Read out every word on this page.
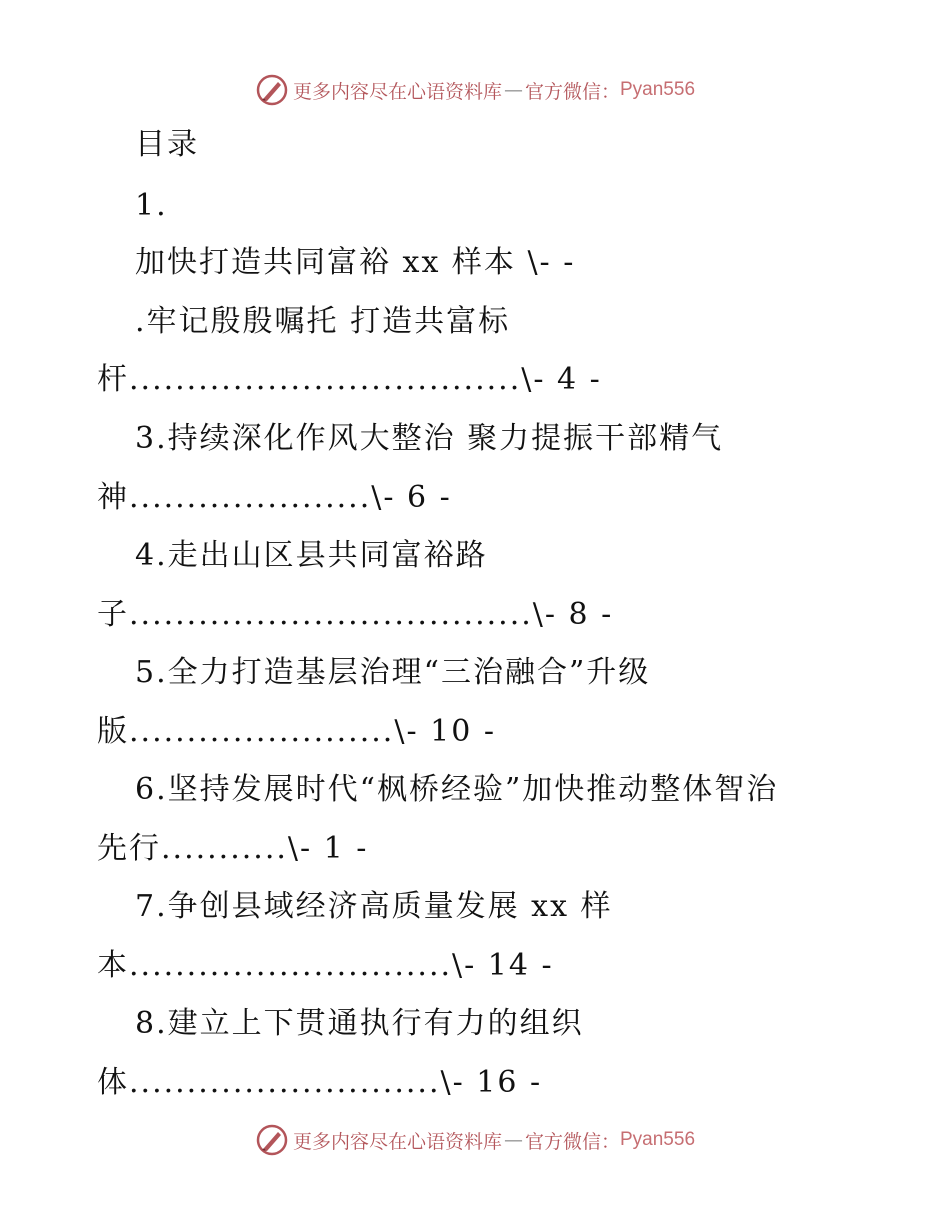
更多内容尽在心语资料库 — 官方微信： Pyan556
目录
1.
加快打造共同富裕 xx 样本 \- -
.牢记殷殷嘱托 打造共富标
杆..................................\- 4 -
3.持续深化作风大整治 聚力提振干部精气
神.....................\- 6 -
4.走出山区县共同富裕路
子...................................\- 8 -
5.全力打造基层治理“三治融合”升级
版.......................\- 10 -
6.坚持发展时代“枫桥经验”加快推动整体智治
先行...........\- 1 -
7.争创县域经济高质量发展 xx 样
本............................\- 14 -
8.建立上下贯通执行有力的组织
体...........................\- 16 -
更多内容尽在心语资料库 — 官方微信： Pyan556
